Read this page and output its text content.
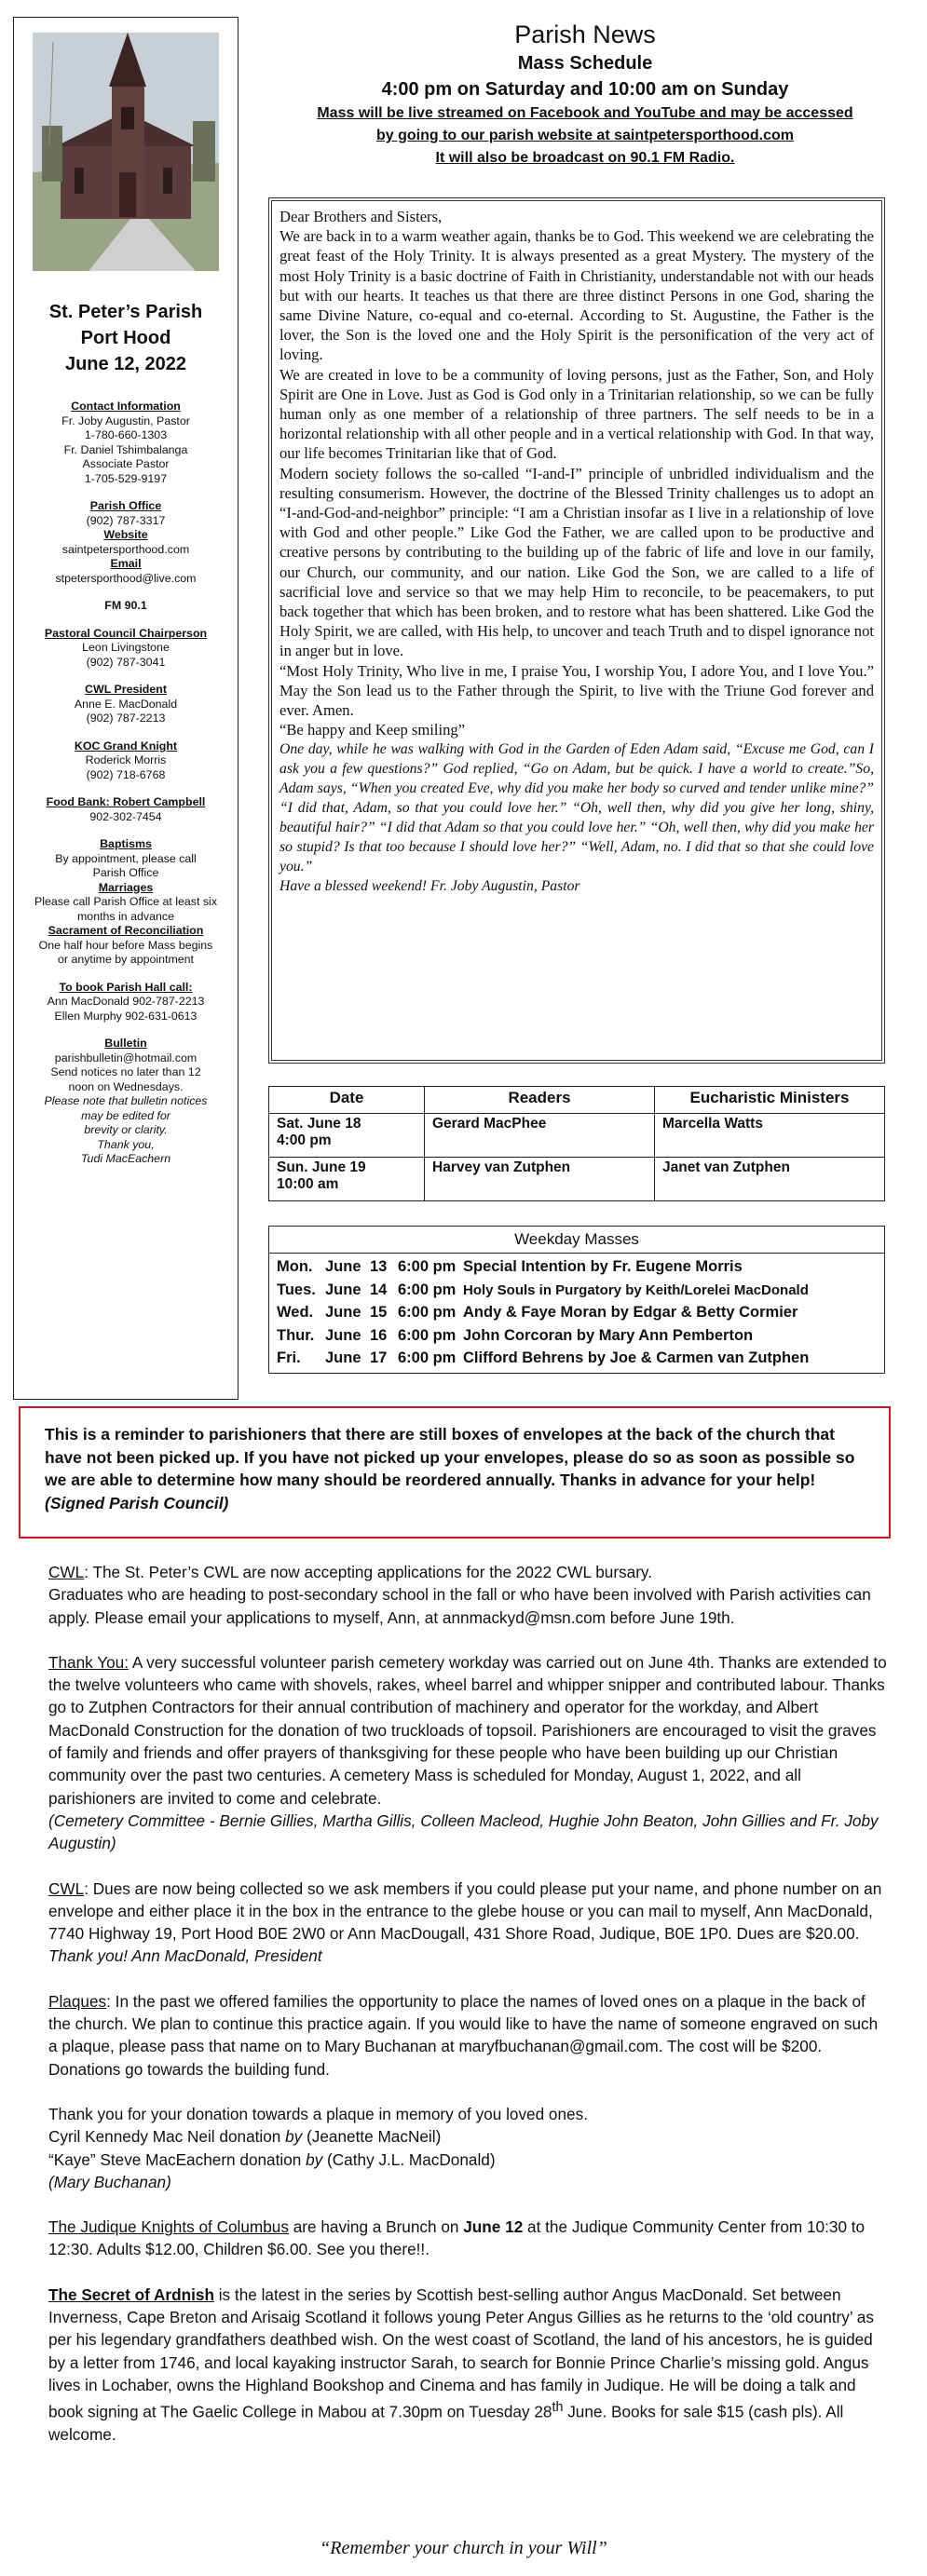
St. Peter’s Parish
Port Hood
June 12, 2022
Contact Information
Fr. Joby Augustin, Pastor
1-780-660-1303
Fr. Daniel Tshimbalanga
Associate Pastor
1-705-529-9197
Parish Office
(902) 787-3317
Website
saintpetersporthood.com
Email
stpetersporthood@live.com
FM 90.1
Pastoral Council Chairperson
Leon Livingstone
(902) 787-3041
CWL President
Anne E. MacDonald
(902) 787-2213
KOC Grand Knight
Roderick Morris
(902) 718-6768
Food Bank: Robert Campbell
902-302-7454
Baptisms
By appointment, please call
Parish Office
Marriages
Please call Parish Office at least six
months in advance
Sacrament of Reconciliation
One half hour before Mass begins
or anytime by appointment
To book Parish Hall call:
Ann MacDonald 902-787-2213
Ellen Murphy 902-631-0613
Bulletin
parishbulletin@hotmail.com
Send notices no later than 12
noon on Wednesdays.
Please note that bulletin notices
may be edited for
brevity or clarity.
Thank you,
Tudi MacEachern
Parish News
Mass Schedule
4:00 pm on Saturday and 10:00 am on Sunday
Mass will be live streamed on Facebook and YouTube and may be accessed
by going to our parish website at saintpetersporthood.com
It will also be broadcast on 90.1 FM Radio.

Dear Brothers and Sisters,

We are back in to a warm weather again, thanks be to God. This weekend we are celebrating the great feast of the Holy Trinity. It is always presented as a great Mystery. The mystery of the most Holy Trinity is a basic doctrine of Faith in Christianity, understandable not with our heads but with our hearts. It teaches us that there are three distinct Persons in one God, sharing the same Divine Nature, co-equal and co-eternal. According to St. Augustine, the Father is the lover, the Son is the loved one and the Holy Spirit is the personification of the very act of loving.

We are created in love to be a community of loving persons, just as the Father, Son, and Holy Spirit are One in Love. Just as God is God only in a Trinitarian relationship, so we can be fully human only as one member of a relationship of three partners. The self needs to be in a horizontal relationship with all other people and in a vertical relationship with God. In that way, our life becomes Trinitarian like that of God.

Modern society follows the so-called “I-and-I” principle of unbridled individualism and the resulting consumerism. However, the doctrine of the Blessed Trinity challenges us to adopt an “I-and-God-and-neighbor” principle: “I am a Christian insofar as I live in a relationship of love with God and other people.” Like God the Father, we are called upon to be productive and creative persons by contributing to the building up of the fabric of life and love in our family, our Church, our community, and our nation. Like God the Son, we are called to a life of sacrificial love and service so that we may help Him to reconcile, to be peacemakers, to put back together that which has been broken, and to restore what has been shattered. Like God the Holy Spirit, we are called, with His help, to uncover and teach Truth and to dispel ignorance not in anger but in love.

“Most Holy Trinity, Who live in me, I praise You, I worship You, I adore You, and I love You.” May the Son lead us to the Father through the Spirit, to live with the Triune God forever and ever. Amen.

“Be happy and Keep smiling”

One day, while he was walking with God in the Garden of Eden Adam said, “Excuse me God, can I ask you a few questions?” God replied, “Go on Adam, but be quick. I have a world to create.”So, Adam says, “When you created Eve, why did you make her body so curved and tender unlike mine?” “I did that, Adam, so that you could love her.” “Oh, well then, why did you give her long, shiny, beautiful hair?” “I did that Adam so that you could love her.” “Oh, well then, why did you make her so stupid? Is that too because I should love her?” “Well, Adam, no. I did that so that she could love you.”

Have a blessed weekend! Fr. Joby Augustin, Pastor

Date	Readers	Eucharistic Ministers

Sat. June 18
4:00 pm	Gerard MacPhee	Marcella Watts

Sun. June 19
10:00 am	Harvey van Zutphen	Janet van Zutphen
Weekday Masses
Mon. June 13 6:00 pm Special Intention by Fr. Eugene Morris
Tues. June 14 6:00 pm Holy Souls in Purgatory by Keith/Lorelei MacDonald
Wed. June 15 6:00 pm Andy & Faye Moran by Edgar & Betty Cormier
Thur. June 16 6:00 pm John Corcoran by Mary Ann Pemberton
Fri. June 17 6:00 pm Clifford Behrens by Joe & Carmen van Zutphen
This is a reminder to parishioners that there are still boxes of envelopes at the back of the church that have not been picked up. If you have not picked up your envelopes, please do so as soon as possible so we are able to determine how many should be reordered annually. Thanks in advance for your help!
(Signed Parish Council)

CWL: The St. Peter’s CWL are now accepting applications for the 2022 CWL bursary.
Graduates who are heading to post-secondary school in the fall or who have been involved with Parish activities can apply. Please email your applications to myself, Ann, at annmackyd@msn.com before June 19th.

Thank You: A very successful volunteer parish cemetery workday was carried out on June 4th. Thanks are extended to the twelve volunteers who came with shovels, rakes, wheel barrel and whipper snipper and contributed labour. Thanks go to Zutphen Contractors for their annual contribution of machinery and operator for the workday, and Albert MacDonald Construction for the donation of two truckloads of topsoil. Parishioners are encouraged to visit the graves of family and friends and offer prayers of thanksgiving for these people who have been building up our Christian community over the past two centuries. A cemetery Mass is scheduled for Monday, August 1, 2022, and all parishioners are invited to come and celebrate.
(Cemetery Committee - Bernie Gillies, Martha Gillis, Colleen Macleod, Hughie John Beaton, John Gillies and Fr. Joby Augustin)

CWL: Dues are now being collected so we ask members if you could please put your name, and phone number on an envelope and either place it in the box in the entrance to the glebe house or you can mail to myself, Ann MacDonald, 7740 Highway 19, Port Hood B0E 2W0 or Ann MacDougall, 431 Shore Road, Judique, B0E 1P0. Dues are $20.00. Thank you! Ann MacDonald, President

Plaques: In the past we offered families the opportunity to place the names of loved ones on a plaque in the back of the church. We plan to continue this practice again. If you would like to have the name of someone engraved on such a plaque, please pass that name on to Mary Buchanan at maryfbuchanan@gmail.com. The cost will be $200. Donations go towards the building fund.

Thank you for your donation towards a plaque in memory of you loved ones.
Cyril Kennedy Mac Neil donation by (Jeanette MacNeil)
“Kaye” Steve MacEachern donation by (Cathy J.L. MacDonald)
(Mary Buchanan)

The Judique Knights of Columbus are having a Brunch on June 12 at the Judique Community Center from 10:30 to 12:30. Adults $12.00, Children $6.00. See you there!!.

The Secret of Ardnish is the latest in the series by Scottish best-selling author Angus MacDonald. Set between Inverness, Cape Breton and Arisaig Scotland it follows young Peter Angus Gillies as he returns to the ‘old country’ as per his legendary grandfathers deathbed wish. On the west coast of Scotland, the land of his ancestors, he is guided by a letter from 1746, and local kayaking instructor Sarah, to search for Bonnie Prince Charlie’s missing gold. Angus lives in Lochaber, owns the Highland Bookshop and Cinema and has family in Judique. He will be doing a talk and book signing at The Gaelic College in Mabou at 7.30pm on Tuesday 28th June. Books for sale $15 (cash pls). All welcome.

“Remember your church in your Will”
